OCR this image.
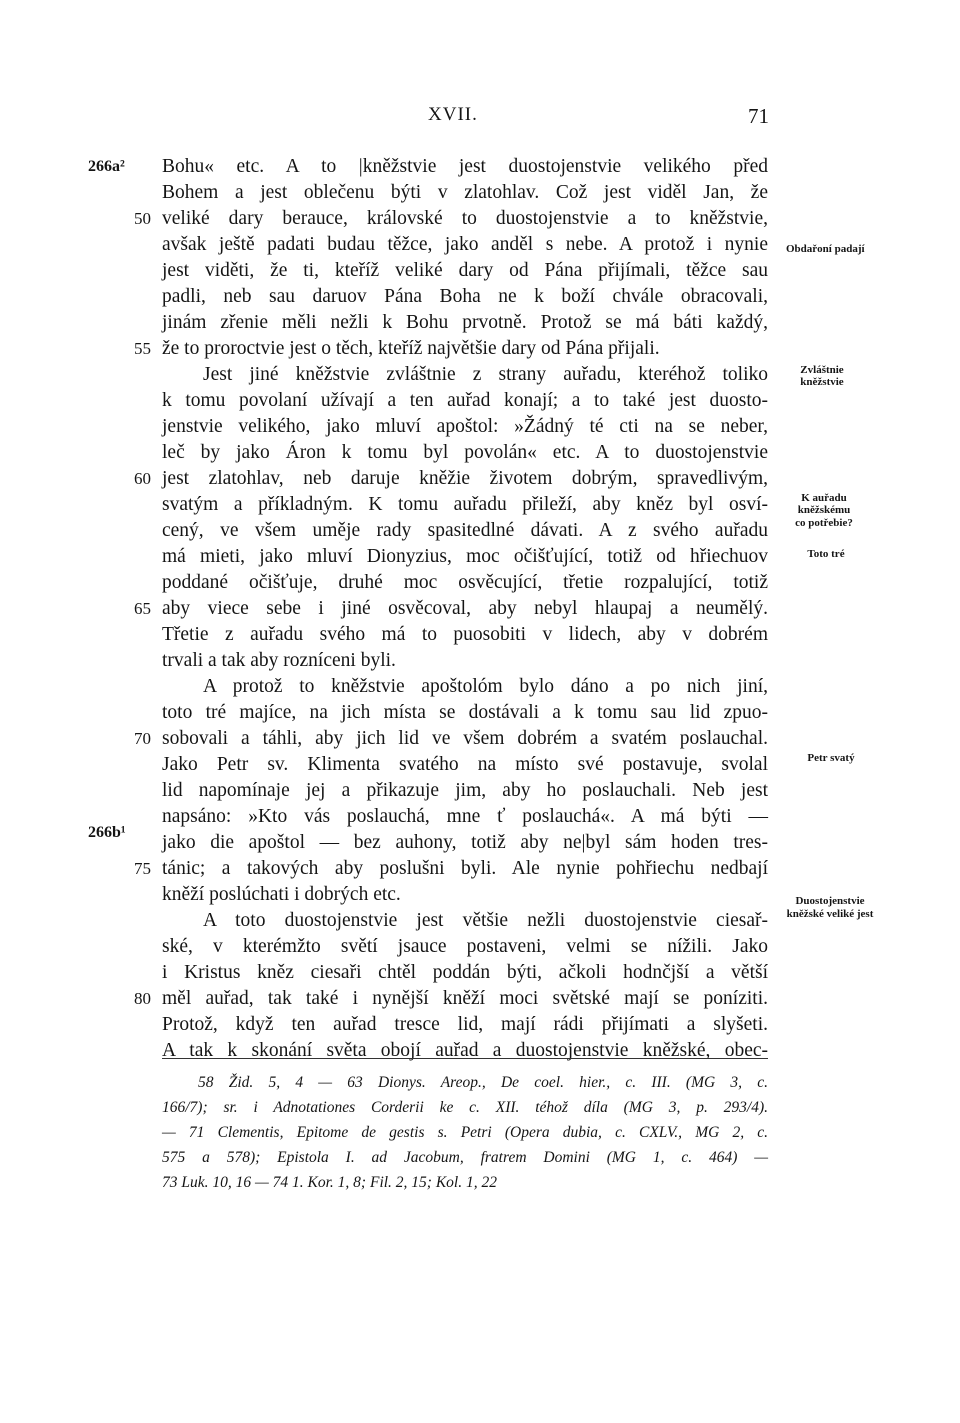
XVII.	71
266a²
266b¹
50
55
60
65
70
75
80
Bohu« etc. A to |kněžstvie jest duostojenstvie velikého před
Bohem a jest oblečenu býti v zlatohlav. Což jest viděl Jan, že
veliké dary berauce, královské to duostojenstvie a to kněžstvie,
avšak ještě padati budau těžce, jako anděl s nebe. A protož i nynie
jest viděti, že ti, kteříž veliké dary od Pána přijímali, těžce sau
padli, neb sau daruov Pána Boha ne k boží chvále obracovali,
jinám zřenie měli nežli k Bohu prvotně. Protož se má báti každý,
že to proroctvie jest o těch, kteříž najvětšie dary od Pána přijali.
Jest jiné kněžstvie zvláštnie z strany auřadu, kteréhož toliko
k tomu povolaní užívají a ten auřad konají; a to také jest duosto-
jenstvie velikého, jako mluví apoštol: »Žádný té cti na se neber,
leč by jako Áron k tomu byl povolán« etc. A to duostojenstvie
jest zlatohlav, neb daruje kněžie životem dobrým, spravedlivým,
svatým a příkladným. K tomu auřadu přileží, aby kněz byl osví-
cený, ve všem uměje rady spasitedlné dávati. A z svého auřadu
má mieti, jako mluví Dionyzius, moc očišťující, totiž od hřiechuov
poddané očišťuje, druhé moc osvěcující, třetie rozpalující, totiž
aby viece sebe i jiné osvěcoval, aby nebyl hlaupaj a neumělý.
Třetie z auřadu svého má to puosobiti v lidech, aby v dobrém
trvali a tak aby rozníceni byli.
A protož to kněžstvie apoštolóm bylo dáno a po nich jiní,
toto tré majíce, na jich místa se dostávali a k tomu sau lid zpuo-
sobovali a táhli, aby jich lid ve všem dobrém a svatém poslauchal.
Jako Petr sv. Klimenta svatého na místo své postavuje, svolal
lid napomínaje jej a přikazuje jim, aby ho poslauchali. Neb jest
napsáno: »Kto vás poslauchá, mne ť poslauchá«. A má býti —
jako die apoštol — bez auhony, totiž aby ne|byl sám hoden tres-
tánic; a takových aby poslušni byli. Ale nynie pohřiechu nedbají
kněží poslúchati i dobrých etc.
A toto duostojenstvie jest většie nežli duostojenstvie ciesař-
ské, v kterémžto světí jsauce postaveni, velmi se nížili. Jako
i Kristus kněz ciesaři chtěl poddán býti, ačkoli hodnčjší a větší
měl auřad, tak také i nynější kněží moci světské mají se poníziti.
Protož, když ten auřad tresce lid, mají rádi přijímati a slyšeti.
A tak k skonání světa obojí auřad a duostojenstvie kněžské, obec-
Obdařoní padají
Zvláštnie
kněžstvie
K auřadu
kněžskému
co potřebie?
Toto tré
Petr svatý
Duostojenstvie
kněžské veliké jest
58 Žid. 5, 4 — 63 Dionys. Areop., De coel. hier., c. III. (MG 3, c.
166/7); sr. i Adnotationes Corderii ke c. XII. téhož díla (MG 3, p. 293/4).
— 71 Clementis, Epitome de gestis s. Petri (Opera dubia, c. CXLV., MG 2, c.
575 a 578); Epistola I. ad Jacobum, fratrem Domini (MG 1, c. 464) —
73 Luk. 10, 16 — 74 1. Kor. 1, 8; Fil. 2, 15; Kol. 1, 22
